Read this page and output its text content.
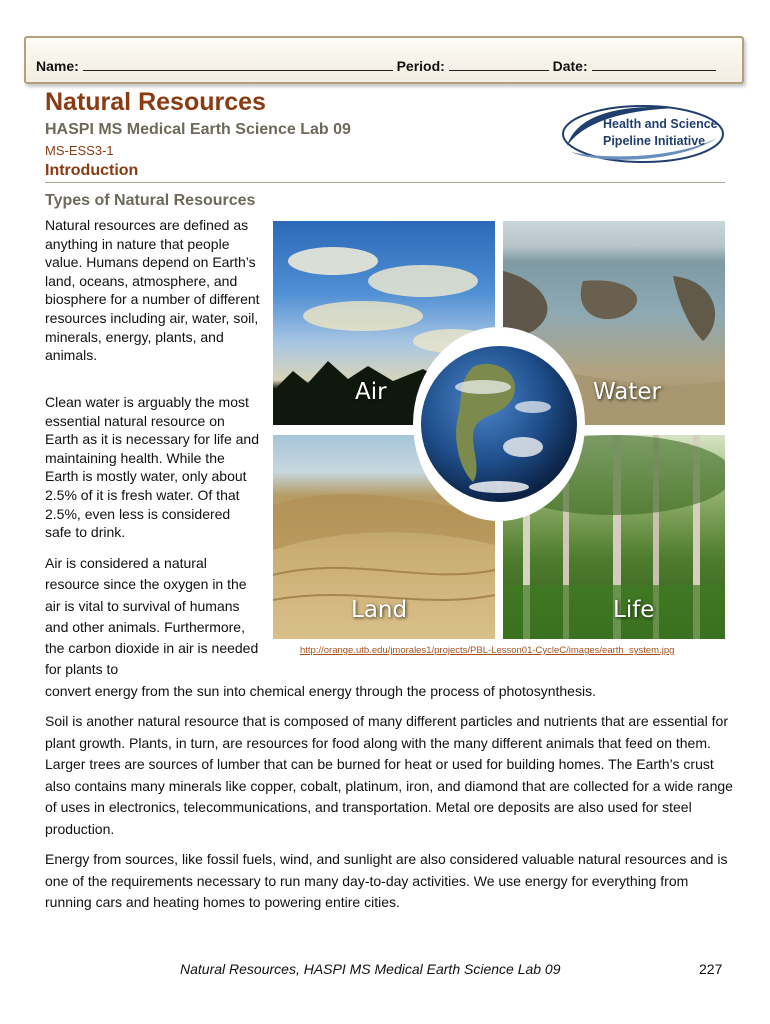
Name:	Period:	Date:
Natural Resources
HASPI MS Medical Earth Science Lab 09
MS-ESS3-1
Introduction
Health and Science
Pipeline Initiative
Types of Natural Resources

Natural resources are defined as anything in nature that people value. Humans depend on Earth’s land, oceans, atmosphere, and biosphere for a number of different resources including air, water, soil, minerals, energy, plants, and animals.

Clean water is arguably the most essential natural resource on Earth as it is necessary for life and maintaining health. While the Earth is mostly water, only about 2.5% of it is fresh water. Of that 2.5%, even less is considered safe to drink.

Air is considered a natural resource since the oxygen in the air is vital to survival of humans and other animals. Furthermore, the carbon dioxide in air is needed for plants to

convert energy from the sun into chemical energy through the process of photosynthesis.

Air	Water
Land	Life
http://orange.utb.edu/jmorales1/projects/PBL-Lesson01-CycleC/images/earth_system.jpg

Soil is another natural resource that is composed of many different particles and nutrients that are essential for plant growth. Plants, in turn, are resources for food along with the many different animals that feed on them. Larger trees are sources of lumber that can be burned for heat or used for building homes. The Earth’s crust also contains many minerals like copper, cobalt, platinum, iron, and diamond that are collected for a wide range of uses in electronics, telecommunications, and transportation. Metal ore deposits are also used for steel production.

Energy from sources, like fossil fuels, wind, and sunlight are also considered valuable natural resources and is one of the requirements necessary to run many day-to-day activities. We use energy for everything from running cars and heating homes to powering entire cities.

Natural Resources, HASPI MS Medical Earth Science Lab 09	227
